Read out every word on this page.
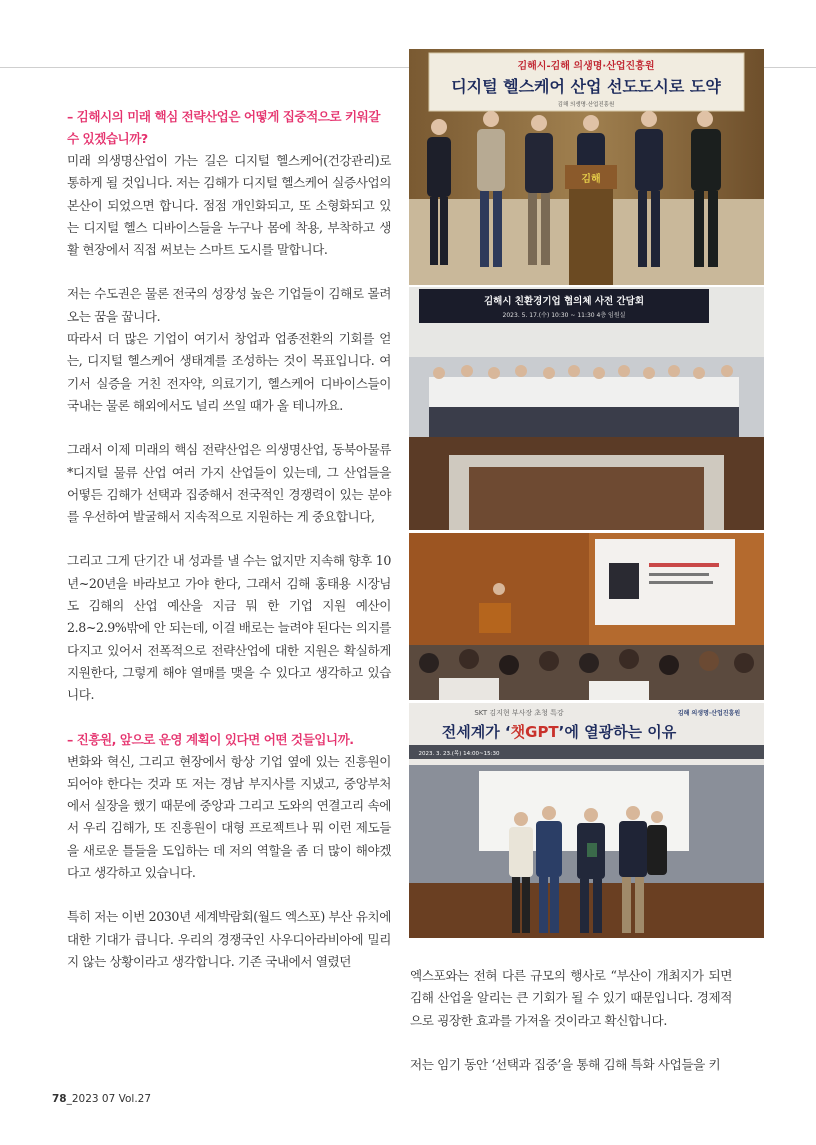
– 김해시의 미래 핵심 전략산업은 어떻게 집중적으로 키워갈 수 있겠습니까?

미래 의생명산업이 가는 길은 디지털 헬스케어(건강관리)로 통하게 될 것입니다. 저는 김해가 디지털 헬스케어 실증사업의 본산이 되었으면 합니다. 점점 개인화되고, 또 소형화되고 있는 디지털 헬스 디바이스들을 누구나 몸에 착용, 부착하고 생활 현장에서 직접 써보는 스마트 도시를 말합니다.

저는 수도권은 물론 전국의 성장성 높은 기업들이 김해로 몰려오는 꿈을 꿉니다.

따라서 더 많은 기업이 여기서 창업과 업종전환의 기회를 얻는, 디지털 헬스케어 생태계를 조성하는 것이 목표입니다. 여기서 실증을 거친 전자약, 의료기기, 헬스케어 디바이스들이 국내는 물론 해외에서도 널리 쓰일 때가 올 테니까요.

그래서 이제 미래의 핵심 전략산업은 의생명산업, 동북아물류*디지털 물류 산업 여러 가지 산업들이 있는데, 그 산업들을 어떻든 김해가 선택과 집중해서 전국적인 경쟁력이 있는 분야를 우선하여 발굴해서 지속적으로 지원하는 게 중요합니다,

그리고 그게 단기간 내 성과를 낼 수는 없지만 지속해 향후 10년~20년을 바라보고 가야 한다, 그래서 김해 홍태용 시장님도 김해의 산업 예산을 지금 뭐 한 기업 지원 예산이 2.8~2.9%밖에 안 되는데, 이걸 배로는 늘려야 된다는 의지를 다지고 있어서 전폭적으로 전략산업에 대한 지원은 확실하게 지원한다, 그렇게 해야 열매를 맺을 수 있다고 생각하고 있습니다.

– 진흥원, 앞으로 운영 계획이 있다면 어떤 것들입니까.

변화와 혁신, 그리고 현장에서 항상 기업 옆에 있는 진흥원이 되어야 한다는 것과 또 저는 경남 부지사를 지냈고, 중앙부처에서 실장을 했기 때문에 중앙과 그리고 도와의 연결고리 속에서 우리 김해가, 또 진흥원이 대형 프로젝트나 뭐 이런 제도들을 새로운 틀들을 도입하는 데 저의 역할을 좀 더 많이 해야겠다고 생각하고 있습니다.

특히 저는 이번 2030년 세계박람회(월드 엑스포) 부산 유치에 대한 기대가 큽니다. 우리의 경쟁국인 사우디아라비아에 밀리지 않는 상황이라고 생각합니다. 기존 국내에서 열렸던

엑스포와는 전혀 다른 규모의 행사로 “부산이 개최지가 되면 김해 산업을 알리는 큰 기회가 될 수 있기 때문입니다. 경제적으로 굉장한 효과를 가져올 것이라고 확신합니다.

저는 임기 동안 ‘선택과 집중’을 통해 김해 특화 사업들을 키

김해시-김해 의생명·산업진흥원
디지털 헬스케어 산업 선도도시로 도약
김해 의생명·산업진흥원
김해
김해시 친환경기업 협의체 사전 간담회
2023. 5. 17.(수) 10:30 ~ 11:30 4층 임원실
SKT 김지현 부사장 초청 특강	김해 의생명·산업진흥원
전세계가 ‘챗GPT’에 열광하는 이유
2023. 3. 23.(목) 14:00~15:30
78_2023 07 Vol.27
